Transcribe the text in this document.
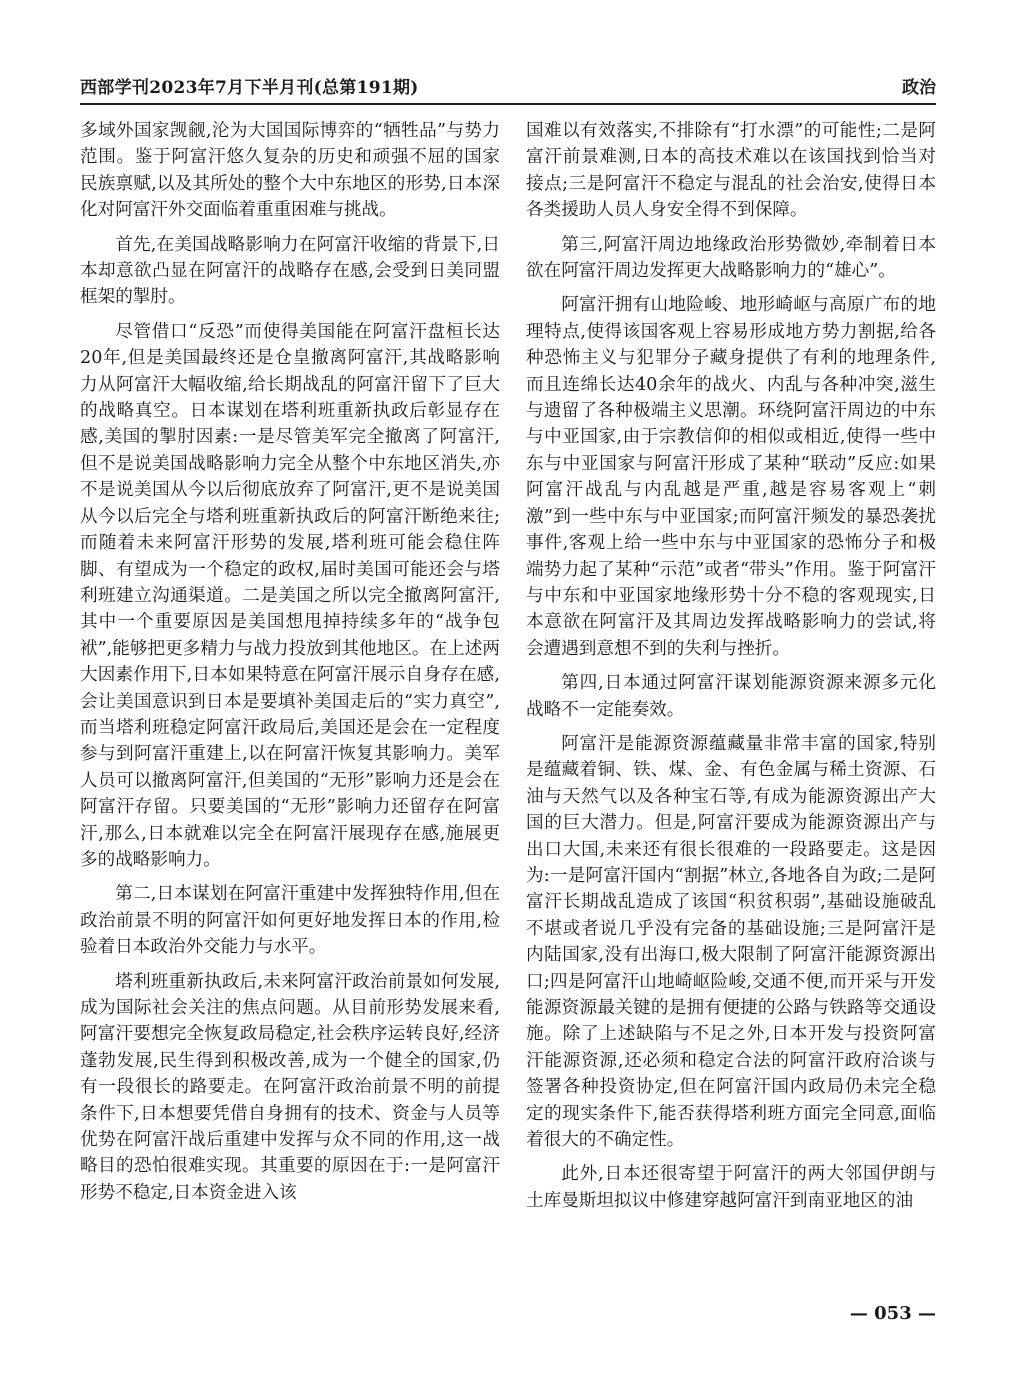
西部学刊2023年7月下半月刊(总第191期)	政治

多域外国家觊觎,沦为大国国际博弈的“牺牲品”与势力范围。鉴于阿富汗悠久复杂的历史和顽强不屈的国家民族禀赋,以及其所处的整个大中东地区的形势,日本深化对阿富汗外交面临着重重困难与挑战。

首先,在美国战略影响力在阿富汗收缩的背景下,日本却意欲凸显在阿富汗的战略存在感,会受到日美同盟框架的掣肘。

尽管借口“反恐”而使得美国能在阿富汗盘桓长达20年,但是美国最终还是仓皇撤离阿富汗,其战略影响力从阿富汗大幅收缩,给长期战乱的阿富汗留下了巨大的战略真空。日本谋划在塔利班重新执政后彰显存在感,美国的掣肘因素:一是尽管美军完全撤离了阿富汗,但不是说美国战略影响力完全从整个中东地区消失,亦不是说美国从今以后彻底放弃了阿富汗,更不是说美国从今以后完全与塔利班重新执政后的阿富汗断绝来往;而随着未来阿富汗形势的发展,塔利班可能会稳住阵脚、有望成为一个稳定的政权,届时美国可能还会与塔利班建立沟通渠道。二是美国之所以完全撤离阿富汗,其中一个重要原因是美国想甩掉持续多年的“战争包袱”,能够把更多精力与战力投放到其他地区。在上述两大因素作用下,日本如果特意在阿富汗展示自身存在感,会让美国意识到日本是要填补美国走后的“实力真空”,而当塔利班稳定阿富汗政局后,美国还是会在一定程度参与到阿富汗重建上,以在阿富汗恢复其影响力。美军人员可以撤离阿富汗,但美国的“无形”影响力还是会在阿富汗存留。只要美国的“无形”影响力还留存在阿富汗,那么,日本就难以完全在阿富汗展现存在感,施展更多的战略影响力。

第二,日本谋划在阿富汗重建中发挥独特作用,但在政治前景不明的阿富汗如何更好地发挥日本的作用,检验着日本政治外交能力与水平。

塔利班重新执政后,未来阿富汗政治前景如何发展,成为国际社会关注的焦点问题。从目前形势发展来看,阿富汗要想完全恢复政局稳定,社会秩序运转良好,经济蓬勃发展,民生得到积极改善,成为一个健全的国家,仍有一段很长的路要走。在阿富汗政治前景不明的前提条件下,日本想要凭借自身拥有的技术、资金与人员等优势在阿富汗战后重建中发挥与众不同的作用,这一战略目的恐怕很难实现。其重要的原因在于:一是阿富汗形势不稳定,日本资金进入该

国难以有效落实,不排除有“打水漂”的可能性;二是阿富汗前景难测,日本的高技术难以在该国找到恰当对接点;三是阿富汗不稳定与混乱的社会治安,使得日本各类援助人员人身安全得不到保障。

第三,阿富汗周边地缘政治形势微妙,牵制着日本欲在阿富汗周边发挥更大战略影响力的“雄心”。

阿富汗拥有山地险峻、地形崎岖与高原广布的地理特点,使得该国客观上容易形成地方势力割据,给各种恐怖主义与犯罪分子藏身提供了有利的地理条件,而且连绵长达40余年的战火、内乱与各种冲突,滋生与遗留了各种极端主义思潮。环绕阿富汗周边的中东与中亚国家,由于宗教信仰的相似或相近,使得一些中东与中亚国家与阿富汗形成了某种“联动”反应:如果阿富汗战乱与内乱越是严重,越是容易客观上“刺激”到一些中东与中亚国家;而阿富汗频发的暴恐袭扰事件,客观上给一些中东与中亚国家的恐怖分子和极端势力起了某种“示范”或者“带头”作用。鉴于阿富汗与中东和中亚国家地缘形势十分不稳的客观现实,日本意欲在阿富汗及其周边发挥战略影响力的尝试,将会遭遇到意想不到的失利与挫折。

第四,日本通过阿富汗谋划能源资源来源多元化战略不一定能奏效。

阿富汗是能源资源蕴藏量非常丰富的国家,特别是蕴藏着铜、铁、煤、金、有色金属与稀土资源、石油与天然气以及各种宝石等,有成为能源资源出产大国的巨大潜力。但是,阿富汗要成为能源资源出产与出口大国,未来还有很长很难的一段路要走。这是因为:一是阿富汗国内“割据”林立,各地各自为政;二是阿富汗长期战乱造成了该国“积贫积弱”,基础设施破乱不堪或者说几乎没有完备的基础设施;三是阿富汗是内陆国家,没有出海口,极大限制了阿富汗能源资源出口;四是阿富汗山地崎岖险峻,交通不便,而开采与开发能源资源最关键的是拥有便捷的公路与铁路等交通设施。除了上述缺陷与不足之外,日本开发与投资阿富汗能源资源,还必须和稳定合法的阿富汗政府洽谈与签署各种投资协定,但在阿富汗国内政局仍未完全稳定的现实条件下,能否获得塔利班方面完全同意,面临着很大的不确定性。

此外,日本还很寄望于阿富汗的两大邻国伊朗与土库曼斯坦拟议中修建穿越阿富汗到南亚地区的油

— 053 —
